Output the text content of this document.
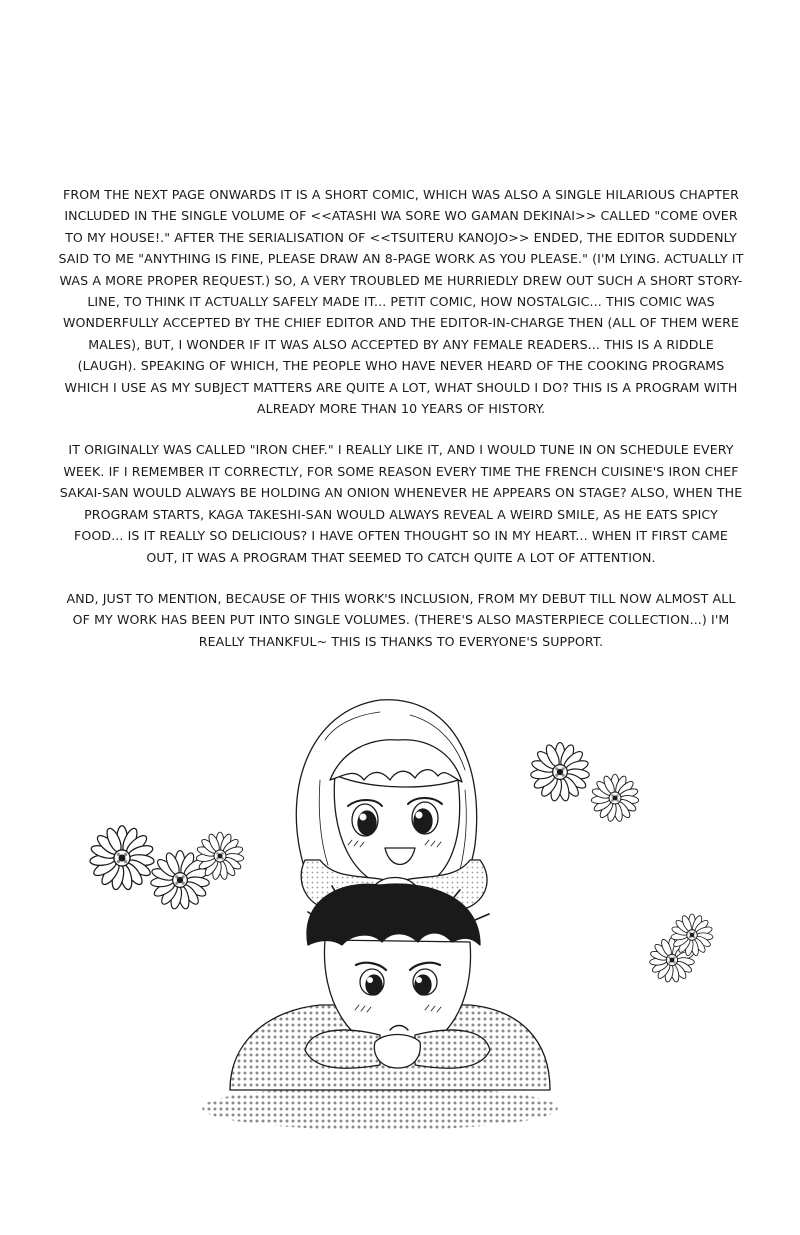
FROM THE NEXT PAGE ONWARDS IT IS A SHORT COMIC, WHICH WAS ALSO A SINGLE HILARIOUS CHAPTER INCLUDED IN THE SINGLE VOLUME OF <<ATASHI WA SORE WO GAMAN DEKINAI>> CALLED "COME OVER TO MY HOUSE!." AFTER THE SERIALISATION OF <<TSUITERU KANOJO>> ENDED, THE EDITOR SUDDENLY SAID TO ME "ANYTHING IS FINE, PLEASE DRAW AN 8-PAGE WORK AS YOU PLEASE." (I'M LYING. ACTUALLY IT WAS A MORE PROPER REQUEST.) SO, A VERY TROUBLED ME HURRIEDLY DREW OUT SUCH A SHORT STORY-LINE, TO THINK IT ACTUALLY SAFELY MADE IT... PETIT COMIC, HOW NOSTALGIC... THIS COMIC WAS WONDERFULLY ACCEPTED BY THE CHIEF EDITOR AND THE EDITOR-IN-CHARGE THEN (ALL OF THEM WERE MALES), BUT, I WONDER IF IT WAS ALSO ACCEPTED BY ANY FEMALE READERS... THIS IS A RIDDLE (LAUGH). SPEAKING OF WHICH, THE PEOPLE WHO HAVE NEVER HEARD OF THE COOKING PROGRAMS WHICH I USE AS MY SUBJECT MATTERS ARE QUITE A LOT, WHAT SHOULD I DO? THIS IS A PROGRAM WITH ALREADY MORE THAN 10 YEARS OF HISTORY.

IT ORIGINALLY WAS CALLED "IRON CHEF." I REALLY LIKE IT, AND I WOULD TUNE IN ON SCHEDULE EVERY WEEK. IF I REMEMBER IT CORRECTLY, FOR SOME REASON EVERY TIME THE FRENCH CUISINE'S IRON CHEF SAKAI-SAN WOULD ALWAYS BE HOLDING AN ONION WHENEVER HE APPEARS ON STAGE? ALSO, WHEN THE PROGRAM STARTS, KAGA TAKESHI-SAN WOULD ALWAYS REVEAL A WEIRD SMILE, AS HE EATS SPICY FOOD... IS IT REALLY SO DELICIOUS? I HAVE OFTEN THOUGHT SO IN MY HEART... WHEN IT FIRST CAME OUT, IT WAS A PROGRAM THAT SEEMED TO CATCH QUITE A LOT OF ATTENTION.

AND, JUST TO MENTION, BECAUSE OF THIS WORK'S INCLUSION, FROM MY DEBUT TILL NOW ALMOST ALL OF MY WORK HAS BEEN PUT INTO SINGLE VOLUMES. (THERE'S ALSO MASTERPIECE COLLECTION...) I'M REALLY THANKFUL~ THIS IS THANKS TO EVERYONE'S SUPPORT.
